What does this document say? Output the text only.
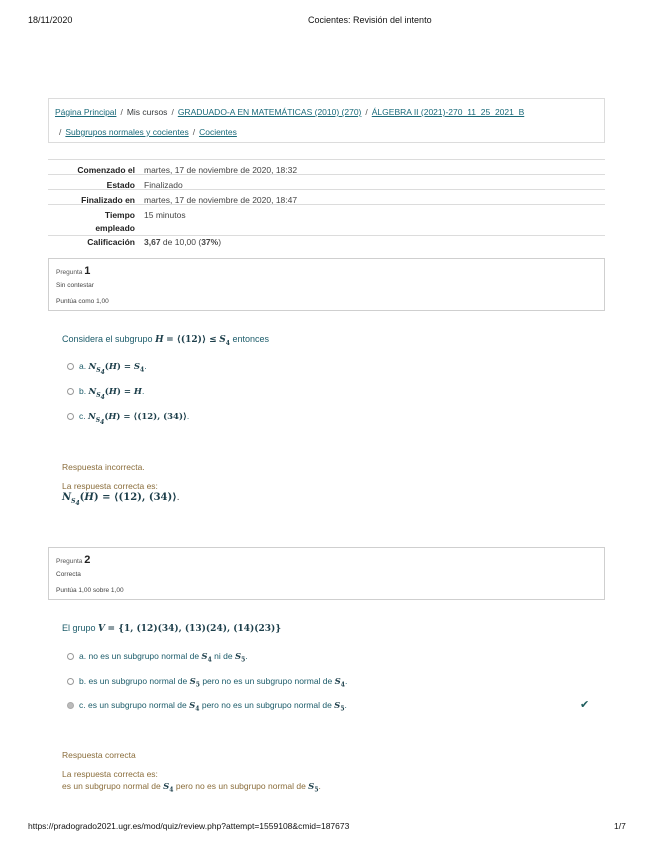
18/11/2020	Cocientes: Revisión del intento
Página Principal / Mis cursos / GRADUADO-A EN MATEMÁTICAS (2010) (270) / ÁLGEBRA II (2021)-270_11_25_2021_B
/ Subgrupos normales y cocientes / Cocientes
Comenzado el martes, 17 de noviembre de 2020, 18:32
Estado Finalizado
Finalizado en martes, 17 de noviembre de 2020, 18:47
Tiempo
empleado
15 minutos
Calificación 3,67 de 10,00 (37%)
Pregunta 1
Sin contestar
Puntúa como 1,00
Considera el subgrupo H = ⟨(12)⟩ ≤ $S_4$ entonces
a. $N_{S_4}(H) = S_4$.
b. $N_{S_4}(H) = H$.
c. $N_{S_4}(H)$ = ⟨(12), (34)⟩.
Respuesta incorrecta.
La respuesta correcta es:
$N_{S_4}(H)$ = ⟨(12), (34)⟩.
Pregunta 2
Correcta
Puntúa 1,00 sobre 1,00
El grupo V = {1, (12)(34), (13)(24), (14)(23)}
a. no es un subgrupo normal de $S_4$ ni de $S_5$.
b. es un subgrupo normal de $S_5$ pero no es un subgrupo normal de $S_4$.
c. es un subgrupo normal de $S_4$ pero no es un subgrupo normal de $S_5$.	✔
Respuesta correcta
La respuesta correcta es:
es un subgrupo normal de $S_4$ pero no es un subgrupo normal de $S_5$.
https://pradogrado2021.ugr.es/mod/quiz/review.php?attempt=1559108&cmid=187673	1/7
